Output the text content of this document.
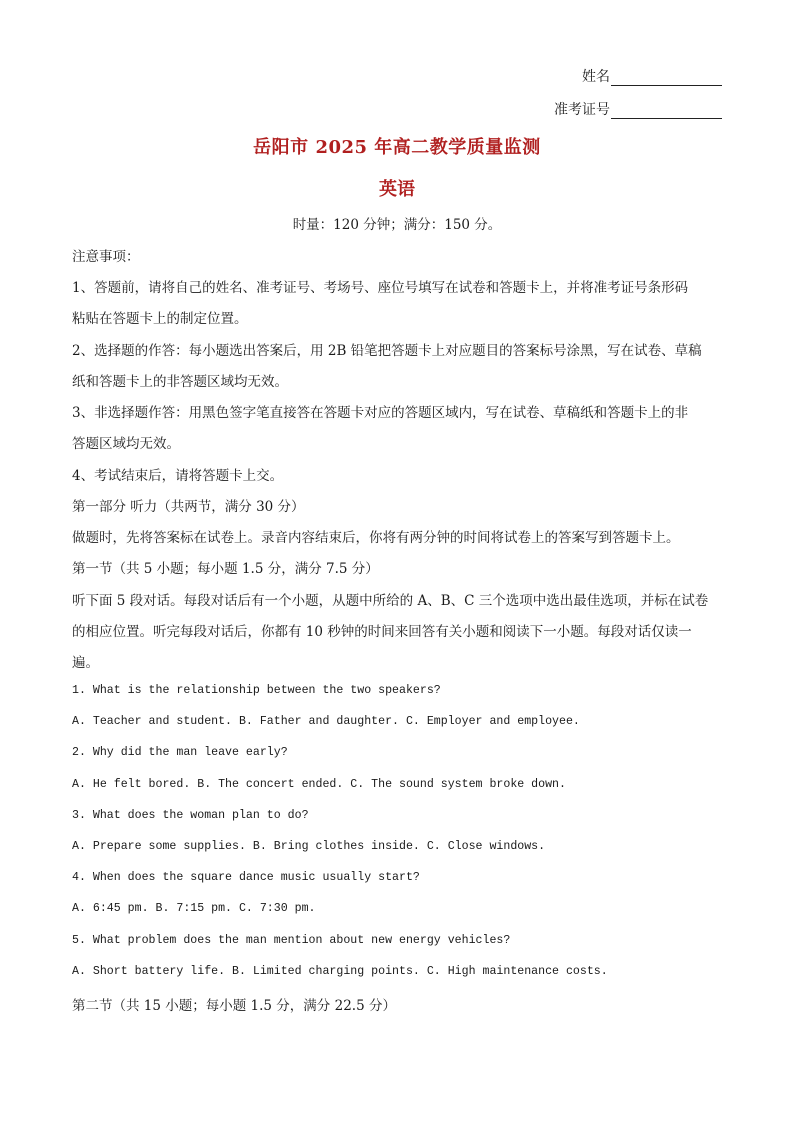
姓名
准考证号
岳阳市 2025 年高二教学质量监测
英语
时量：120 分钟；满分：150 分。
注意事项：
1、答题前，请将自己的姓名、准考证号、考场号、座位号填写在试卷和答题卡上，并将准考证号条形码
粘贴在答题卡上的制定位置。
2、选择题的作答：每小题选出答案后，用 2B 铅笔把答题卡上对应题目的答案标号涂黑，写在试卷、草稿
纸和答题卡上的非答题区域均无效。
3、非选择题作答：用黑色签字笔直接答在答题卡对应的答题区域内，写在试卷、草稿纸和答题卡上的非
答题区域均无效。
4、考试结束后，请将答题卡上交。
第一部分 听力（共两节，满分 30 分）
做题时，先将答案标在试卷上。录音内容结束后，你将有两分钟的时间将试卷上的答案写到答题卡上。
第一节（共 5 小题；每小题 1.5 分，满分 7.5 分）
听下面 5 段对话。每段对话后有一个小题，从题中所给的 A、B、C 三个选项中选出最佳选项，并标在试卷
的相应位置。听完每段对话后，你都有 10 秒钟的时间来回答有关小题和阅读下一小题。每段对话仅读一
遍。
1. What is the relationship between the two speakers?
A. Teacher and student. B. Father and daughter. C. Employer and employee.
2. Why did the man leave early?
A. He felt bored. B. The concert ended. C. The sound system broke down.
3. What does the woman plan to do?
A. Prepare some supplies. B. Bring clothes inside. C. Close windows.
4. When does the square dance music usually start?
A. 6:45 pm. B. 7:15 pm. C. 7:30 pm.
5. What problem does the man mention about new energy vehicles?
A. Short battery life. B. Limited charging points. C. High maintenance costs.
第二节（共 15 小题；每小题 1.5 分，满分 22.5 分）
